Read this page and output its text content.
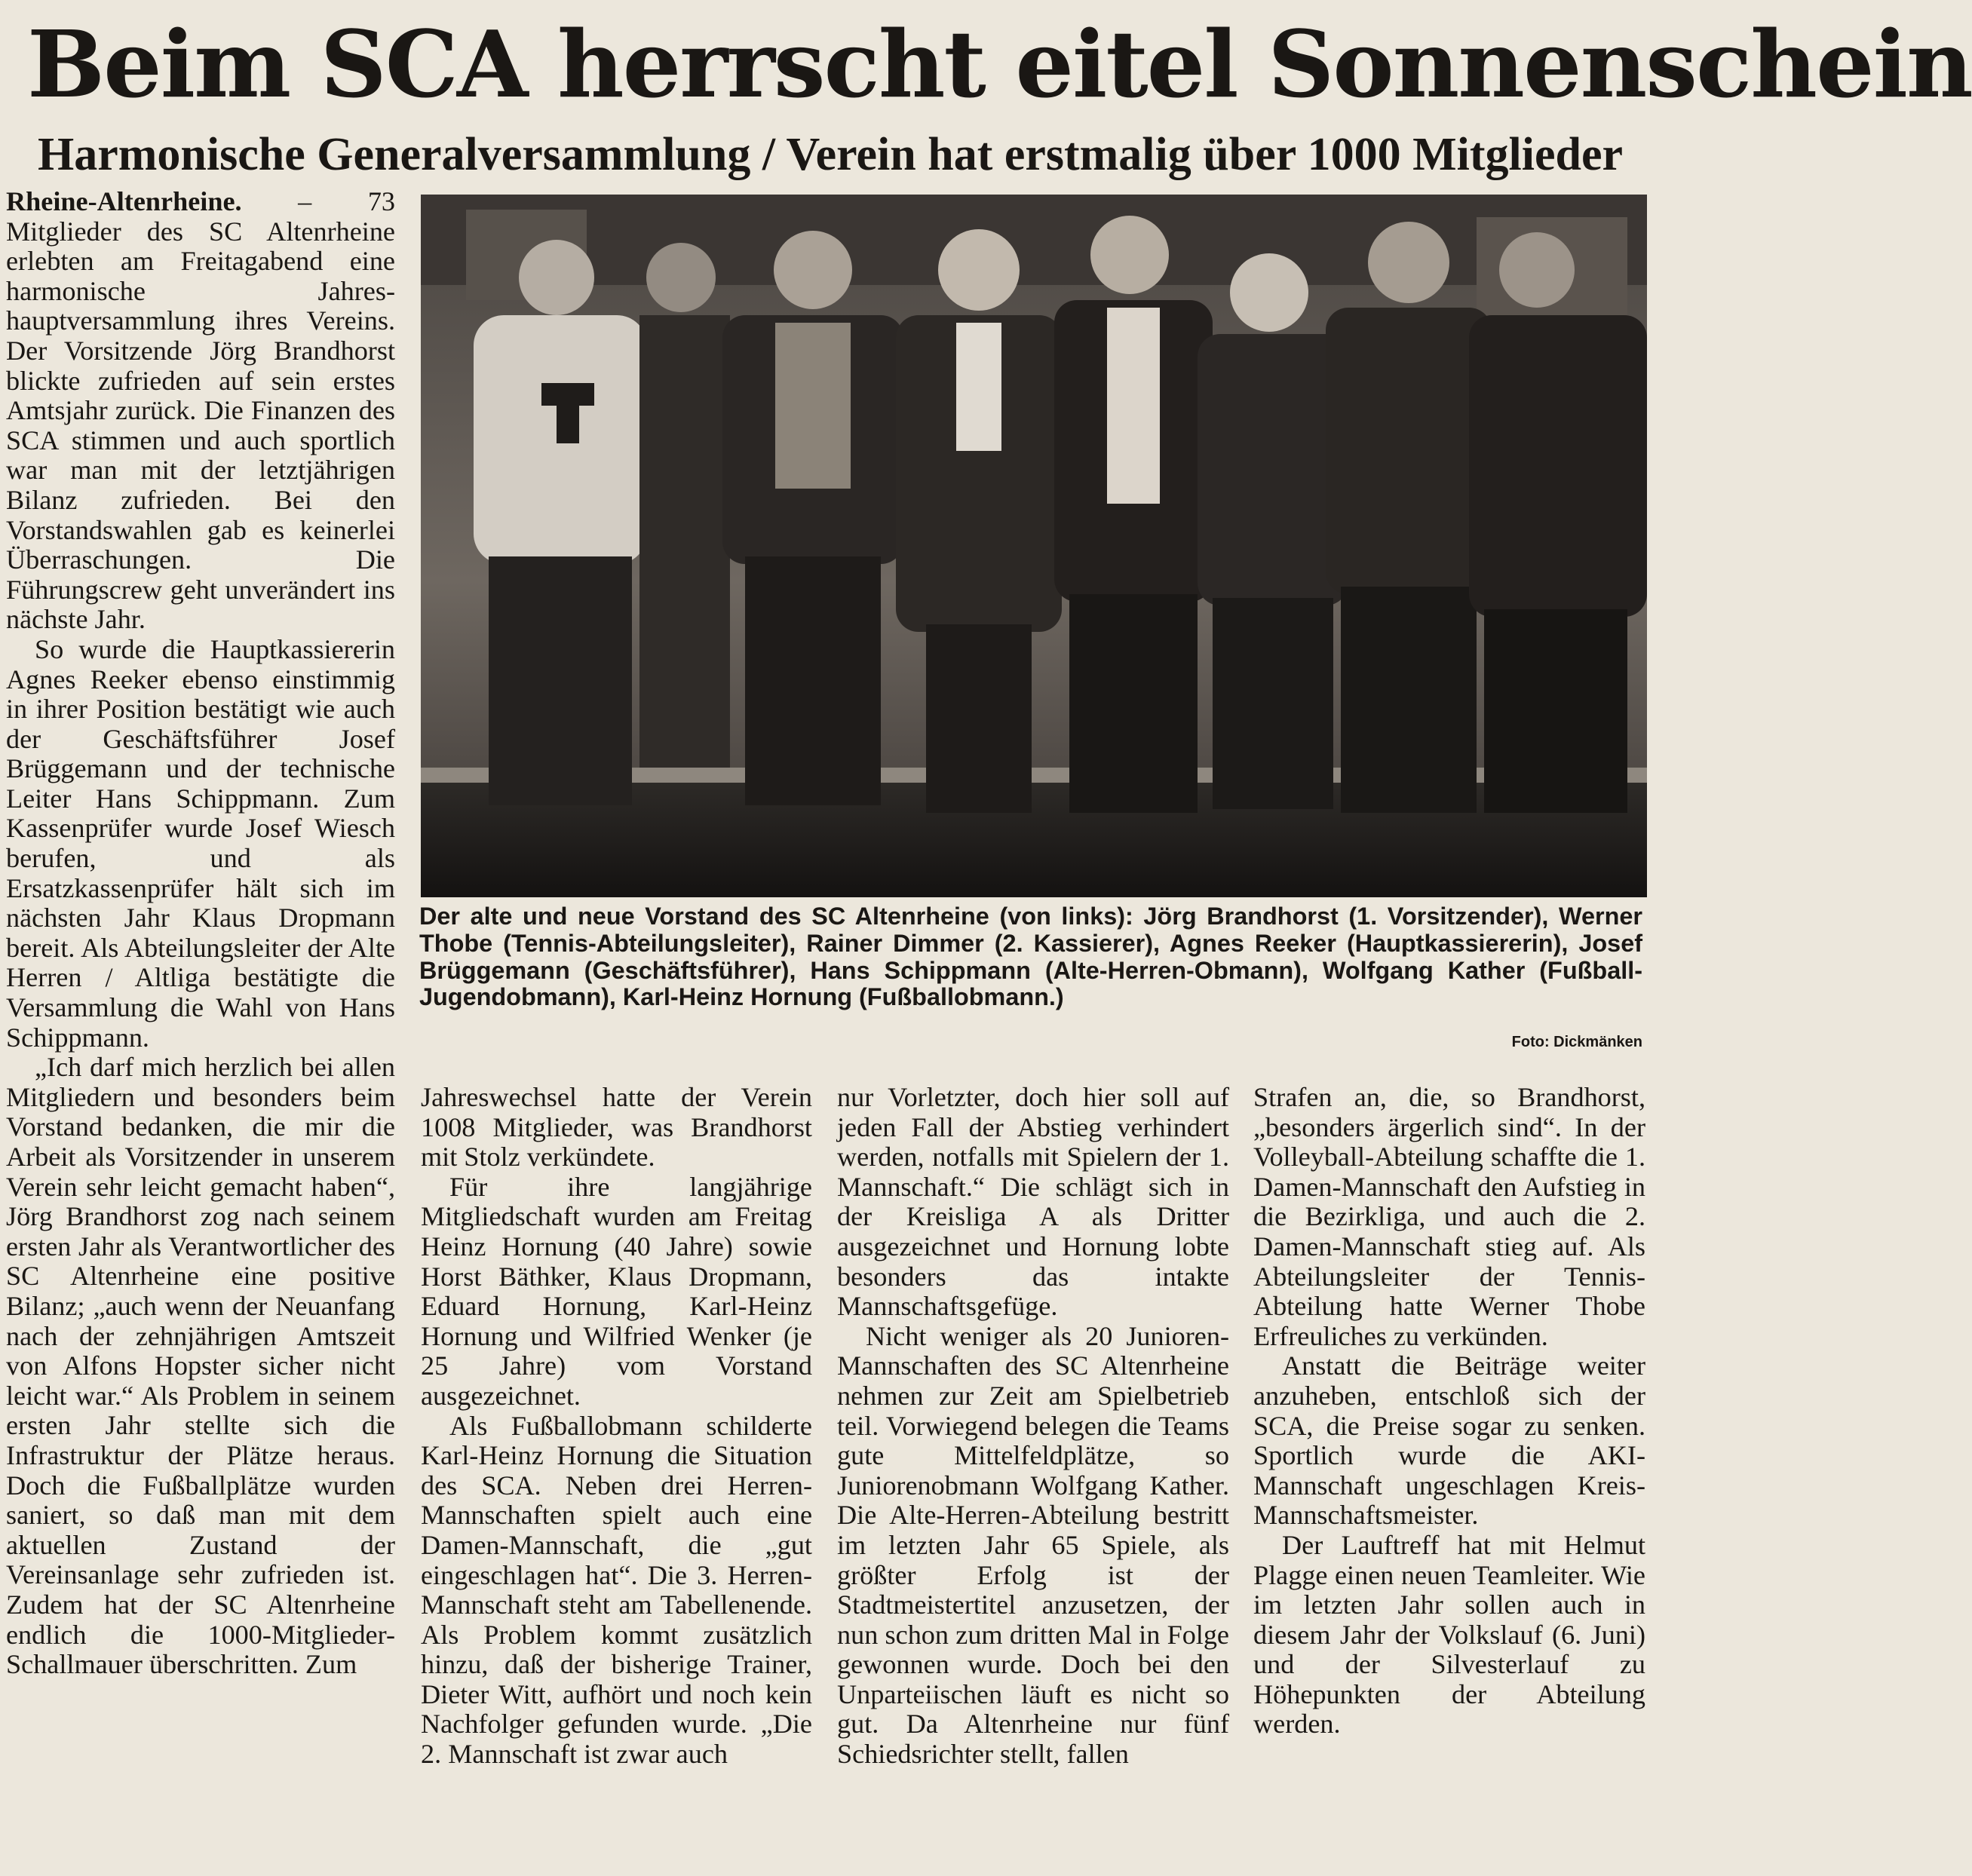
Beim SCA herrscht eitel Sonnenschein
Harmonische Generalversammlung / Verein hat erstmalig über 1000 Mitglieder

Rheine-Altenrheine. – 73 Mitglieder des SC Altenrheine erlebten am Freitagabend eine harmonische Jahreshauptversammlung ihres Vereins. Der Vorsitzende Jörg Brandhorst blickte zufrieden auf sein erstes Amtsjahr zurück. Die Finanzen des SCA stimmen und auch sportlich war man mit der letztjährigen Bilanz zufrieden. Bei den Vorstandswahlen gab es keinerlei Überraschungen. Die Führungscrew geht unverändert ins nächste Jahr.

So wurde die Hauptkassiererin Agnes Reeker ebenso einstimmig in ihrer Position bestätigt wie auch der Geschäftsführer Josef Brüggemann und der technische Leiter Hans Schippmann. Zum Kassenprüfer wurde Josef Wiesch berufen, und als Ersatzkassenprüfer hält sich im nächsten Jahr Klaus Dropmann bereit. Als Abteilungsleiter der Alte Herren / Altliga bestätigte die Versammlung die Wahl von Hans Schippmann.

„Ich darf mich herzlich bei allen Mitgliedern und besonders beim Vorstand bedanken, die mir die Arbeit als Vorsitzender in unserem Verein sehr leicht gemacht haben“, Jörg Brandhorst zog nach seinem ersten Jahr als Verantwortlicher des SC Altenrheine eine positive Bilanz; „auch wenn der Neuanfang nach der zehnjährigen Amtszeit von Alfons Hopster sicher nicht leicht war.“ Als Problem in seinem ersten Jahr stellte sich die Infrastruktur der Plätze heraus. Doch die Fußballplätze wurden saniert, so daß man mit dem aktuellen Zustand der Vereinsanlage sehr zufrieden ist. Zudem hat der SC Altenrheine endlich die 1000-Mitglieder-Schallmauer überschritten. Zum

Der alte und neue Vorstand des SC Altenrheine (von links): Jörg Brandhorst (1. Vorsitzender), Werner Thobe (Tennis-Abteilungsleiter), Rainer Dimmer (2. Kassierer), Agnes Reeker (Hauptkassiererin), Josef Brüggemann (Geschäftsführer), Hans Schippmann (Alte-Herren-Obmann), Wolfgang Kather (Fußball-Jugendobmann), Karl-Heinz Hornung (Fußballobmann.)

Foto: Dickmänken

Jahreswechsel hatte der Verein 1008 Mitglieder, was Brandhorst mit Stolz verkündete.

Für ihre langjährige Mitgliedschaft wurden am Freitag Heinz Hornung (40 Jahre) sowie Horst Bäthker, Klaus Dropmann, Eduard Hornung, Karl-Heinz Hornung und Wilfried Wenker (je 25 Jahre) vom Vorstand ausgezeichnet.

Als Fußballobmann schilderte Karl-Heinz Hornung die Situation des SCA. Neben drei Herren-Mannschaften spielt auch eine Damen-Mannschaft, die „gut eingeschlagen hat“. Die 3. Herren-Mannschaft steht am Tabellenende. Als Problem kommt zusätzlich hinzu, daß der bisherige Trainer, Dieter Witt, aufhört und noch kein Nachfolger gefunden wurde. „Die 2. Mannschaft ist zwar auch

nur Vorletzter, doch hier soll auf jeden Fall der Abstieg verhindert werden, notfalls mit Spielern der 1. Mannschaft.“ Die schlägt sich in der Kreisliga A als Dritter ausgezeichnet und Hornung lobte besonders das intakte Mannschaftsgefüge.

Nicht weniger als 20 Junioren-Mannschaften des SC Altenrheine nehmen zur Zeit am Spielbetrieb teil. Vorwiegend belegen die Teams gute Mittelfeldplätze, so Juniorenobmann Wolfgang Kather. Die Alte-Herren-Abteilung bestritt im letzten Jahr 65 Spiele, als größter Erfolg ist der Stadtmeistertitel anzusetzen, der nun schon zum dritten Mal in Folge gewonnen wurde. Doch bei den Unparteiischen läuft es nicht so gut. Da Altenrheine nur fünf Schiedsrichter stellt, fallen

Strafen an, die, so Brandhorst, „besonders ärgerlich sind“. In der Volleyball-Abteilung schaffte die 1. Damen-Mannschaft den Aufstieg in die Bezirkliga, und auch die 2. Damen-Mannschaft stieg auf. Als Abteilungsleiter der Tennis-Abteilung hatte Werner Thobe Erfreuliches zu verkünden.

Anstatt die Beiträge weiter anzuheben, entschloß sich der SCA, die Preise sogar zu senken. Sportlich wurde die AKI-Mannschaft ungeschlagen Kreis-Mannschaftsmeister.

Der Lauftreff hat mit Helmut Plagge einen neuen Teamleiter. Wie im letzten Jahr sollen auch in diesem Jahr der Volkslauf (6. Juni) und der Silvesterlauf zu Höhepunkten der Abteilung werden.
